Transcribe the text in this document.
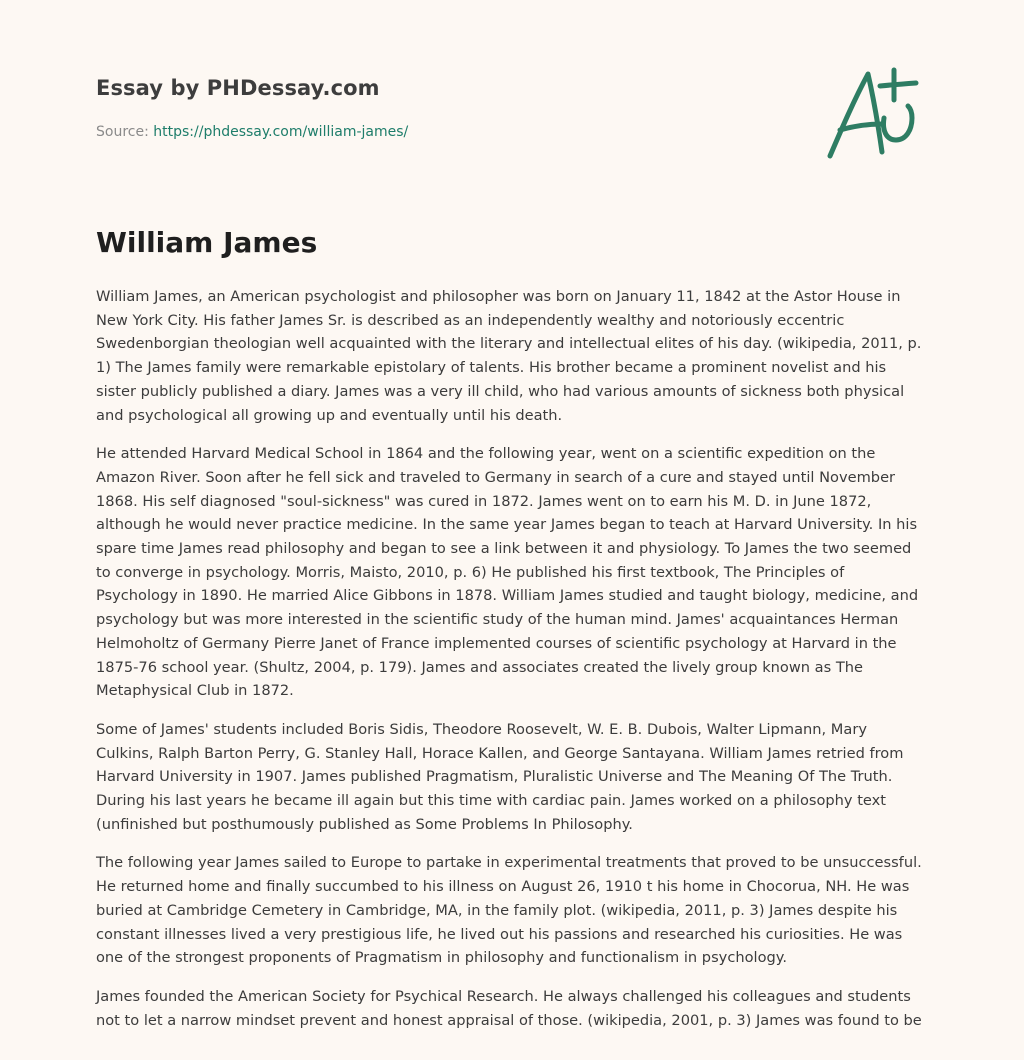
Essay by PHDessay.com
Source: https://phdessay.com/william-james/
William James

William James, an American psychologist and philosopher was born on January 11, 1842 at the Astor House in New York City. His father James Sr. is described as an independently wealthy and notoriously eccentric Swedenborgian theologian well acquainted with the literary and intellectual elites of his day. (wikipedia, 2011, p. 1) The James family were remarkable epistolary of talents. His brother became a prominent novelist and his sister publicly published a diary. James was a very ill child, who had various amounts of sickness both physical and psychological all growing up and eventually until his death.

He attended Harvard Medical School in 1864 and the following year, went on a scientific expedition on the Amazon River. Soon after he fell sick and traveled to Germany in search of a cure and stayed until November 1868. His self diagnosed "soul-sickness" was cured in 1872. James went on to earn his M. D. in June 1872, although he would never practice medicine. In the same year James began to teach at Harvard University. In his spare time James read philosophy and began to see a link between it and physiology. To James the two seemed to converge in psychology. Morris, Maisto, 2010, p. 6) He published his first textbook, The Principles of Psychology in 1890. He married Alice Gibbons in 1878. William James studied and taught biology, medicine, and psychology but was more interested in the scientific study of the human mind. James' acquaintances Herman Helmoholtz of Germany Pierre Janet of France implemented courses of scientific psychology at Harvard in the 1875-76 school year. (Shultz, 2004, p. 179). James and associates created the lively group known as The Metaphysical Club in 1872.

Some of James' students included Boris Sidis, Theodore Roosevelt, W. E. B. Dubois, Walter Lipmann, Mary Culkins, Ralph Barton Perry, G. Stanley Hall, Horace Kallen, and George Santayana. William James retried from Harvard University in 1907. James published Pragmatism, Pluralistic Universe and The Meaning Of The Truth. During his last years he became ill again but this time with cardiac pain. James worked on a philosophy text (unfinished but posthumously published as Some Problems In Philosophy.

The following year James sailed to Europe to partake in experimental treatments that proved to be unsuccessful. He returned home and finally succumbed to his illness on August 26, 1910 t his home in Chocorua, NH. He was buried at Cambridge Cemetery in Cambridge, MA, in the family plot. (wikipedia, 2011, p. 3) James despite his constant illnesses lived a very prestigious life, he lived out his passions and researched his curiosities. He was one of the strongest proponents of Pragmatism in philosophy and functionalism in psychology.

James founded the American Society for Psychical Research. He always challenged his colleagues and students not to let a narrow mindset prevent and honest appraisal of those. (wikipedia, 2001, p. 3) James was found to be
